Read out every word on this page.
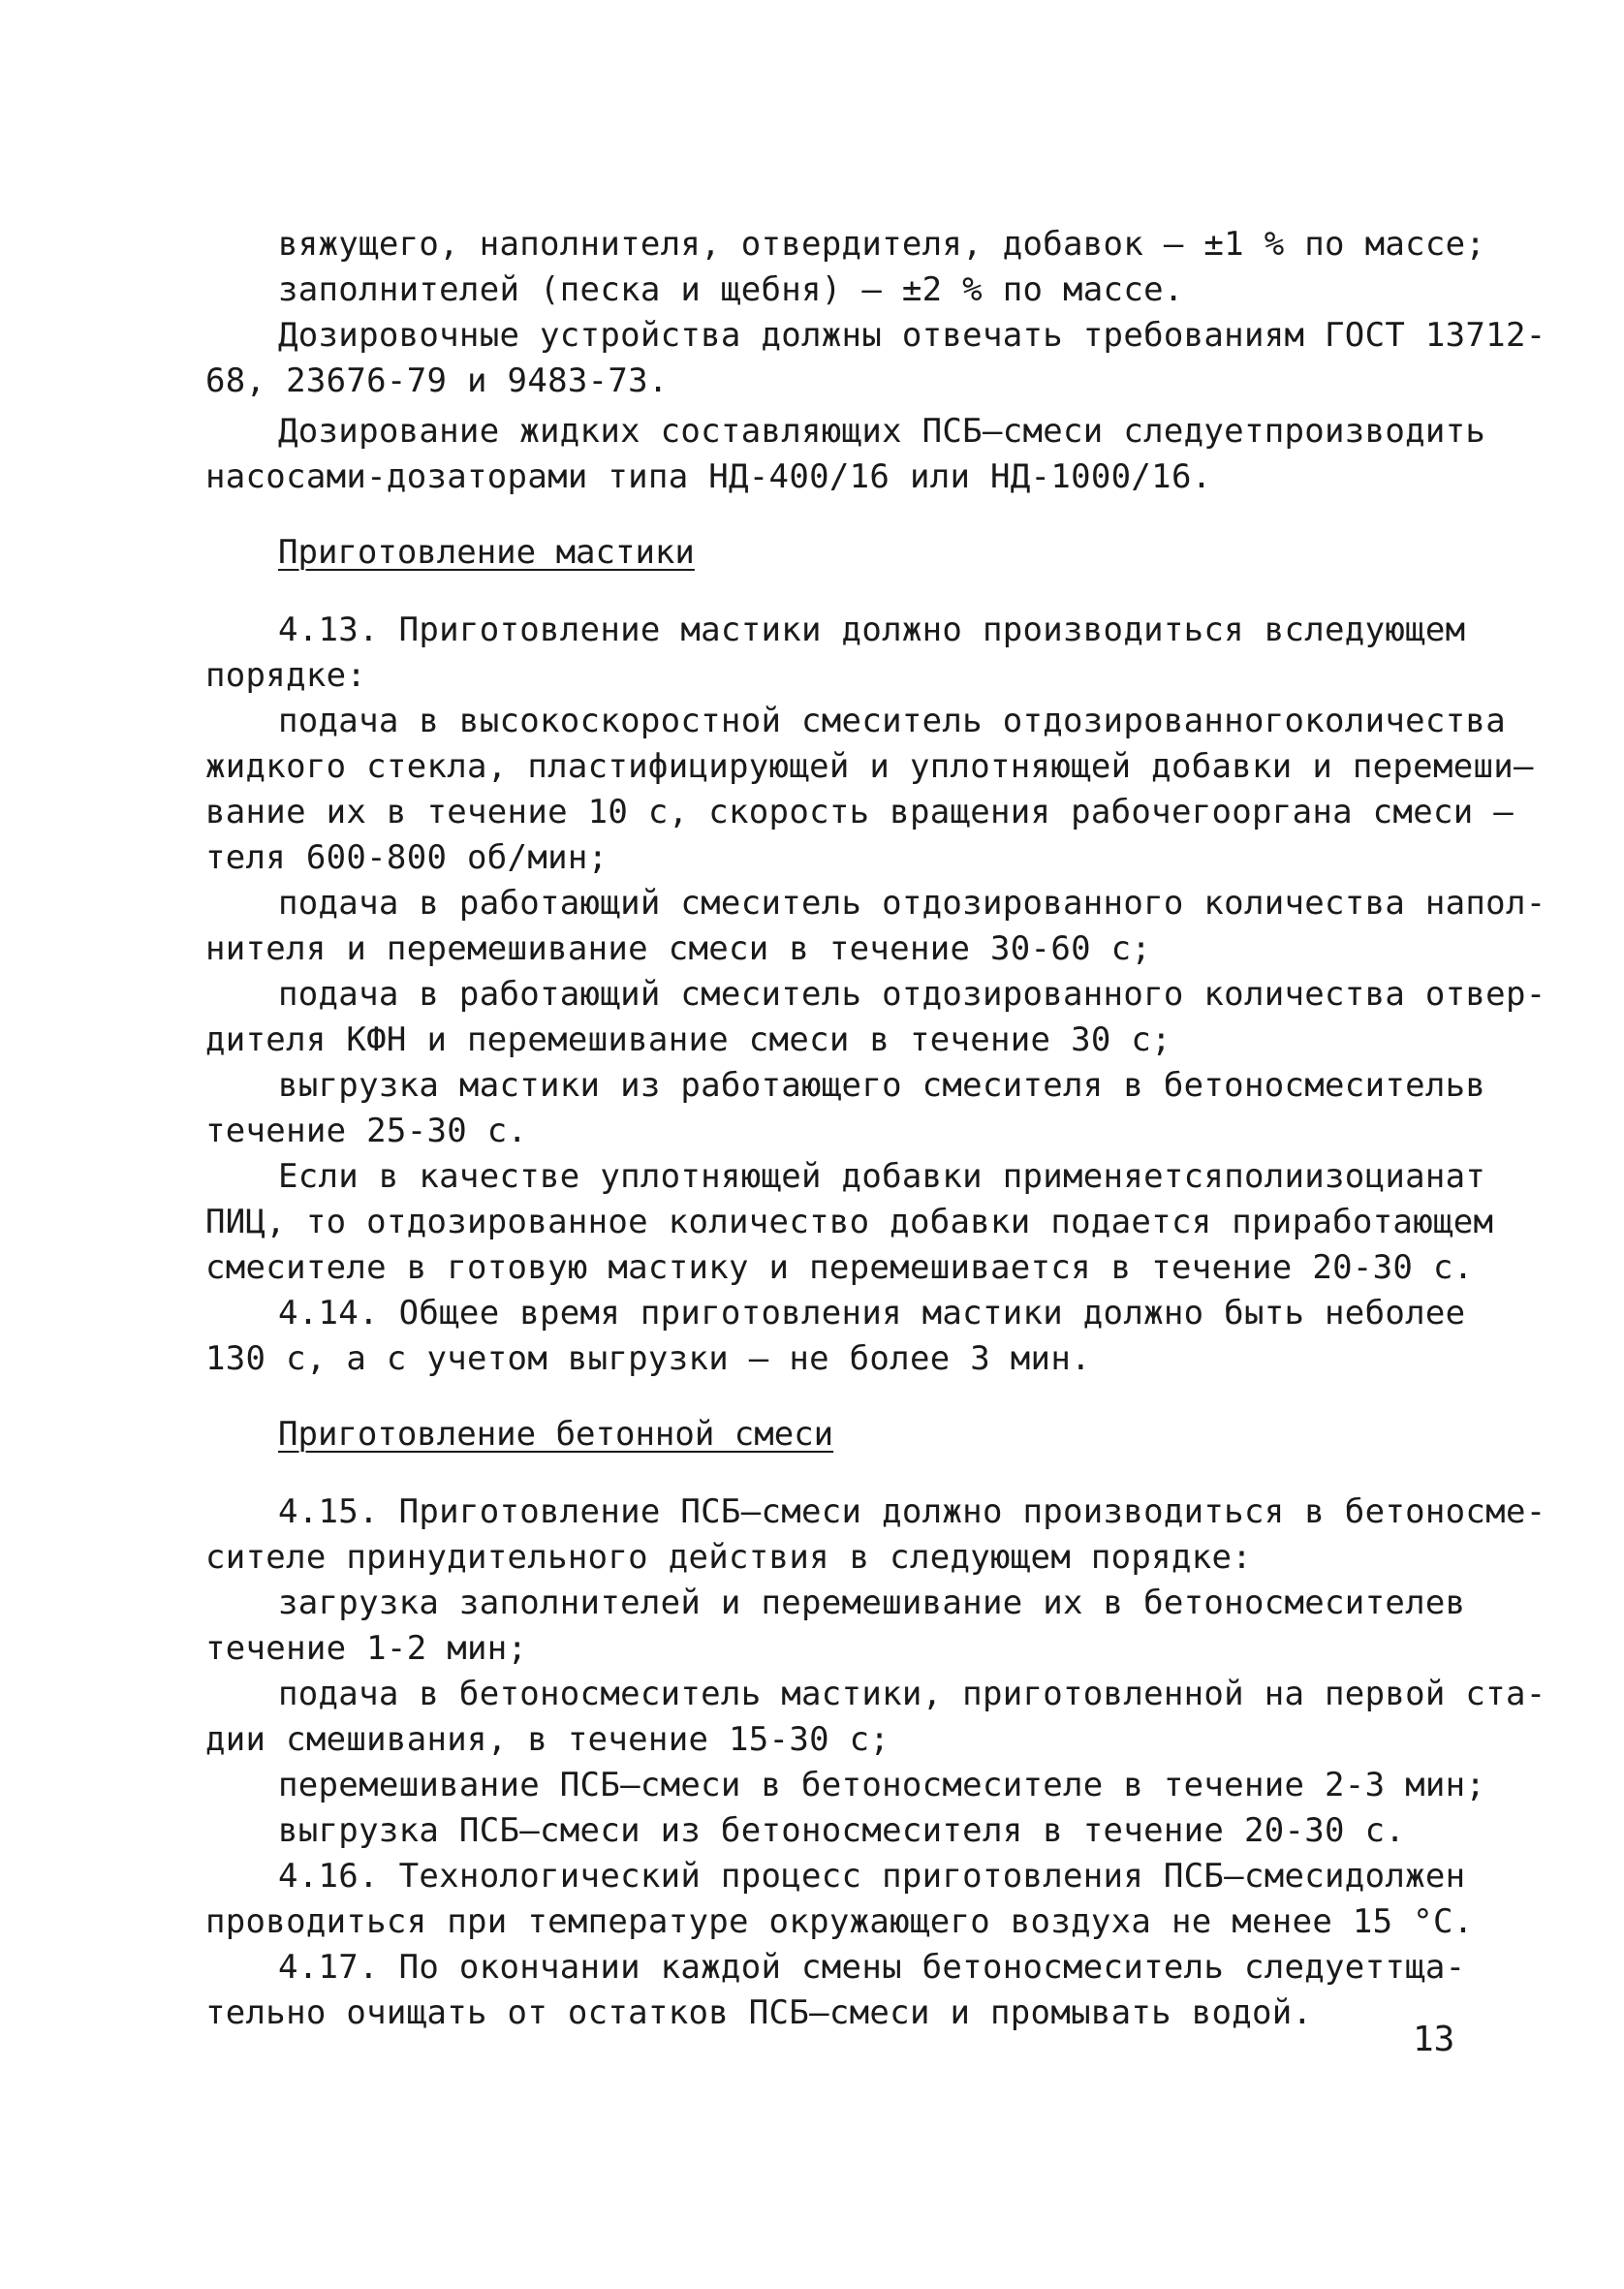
вяжущего, наполнителя, отвердителя, добавок – ±1 % по массе;
заполнителей (песка и щебня) – ±2 % по массе.
Дозировочные устройства должны отвечать требованиям ГОСТ 13712-
68, 23676-79 и 9483-73.
Дозирование жидких составляющих ПСБ–смеси следует производить
насосами-дозаторами типа НД-400/16 или НД-1000/16.
Приготовление мастики
4.13. Приготовление мастики должно производиться в следующем
порядке:
подача в высокоскоростной смеситель отдозированного количества
жидкого стекла, пластифицирующей и уплотняющей добавки и перемеши –
вание их в течение 10 с, скорость вращения рабочего органа смеси –
теля 600-800 об/мин;
подача в работающий смеситель отдозированного количества напол-
нителя и перемешивание смеси в течение 30-60 с;
подача в работающий смеситель отдозированного количества отвер-
дителя КФН и перемешивание смеси в течение 30 с;
выгрузка мастики из работающего смесителя в бетоносмеситель в
течение 25-30 с.
Если в качестве уплотняющей добавки применяется полиизоцианат
ПИЦ, то отдозированное количество добавки подается при работающем
смесителе в готовую мастику и перемешивается в течение 20-30 с.
4.14. Общее время приготовления мастики должно быть не более
130 с, а с учетом выгрузки – не более 3 мин.
Приготовление бетонной смеси
4.15. Приготовление ПСБ–смеси должно производиться в бетоносме-
сителе принудительного действия в следующем порядке:
загрузка заполнителей и перемешивание их в бетоносмесителе в
течение 1-2 мин;
подача в бетоносмеситель мастики, приготовленной на первой ста-
дии смешивания, в течение 15-30 с;
перемешивание ПСБ–смеси в бетоносмесителе в течение 2-3 мин;
выгрузка ПСБ–смеси из бетоносмесителя в течение 20-30 с.
4.16. Технологический процесс приготовления ПСБ–смеси должен
проводиться при температуре окружающего воздуха не менее 15 °С.
4.17. По окончании каждой смены бетоносмеситель следует тща-
тельно очищать от остатков ПСБ–смеси и промывать водой.
13
